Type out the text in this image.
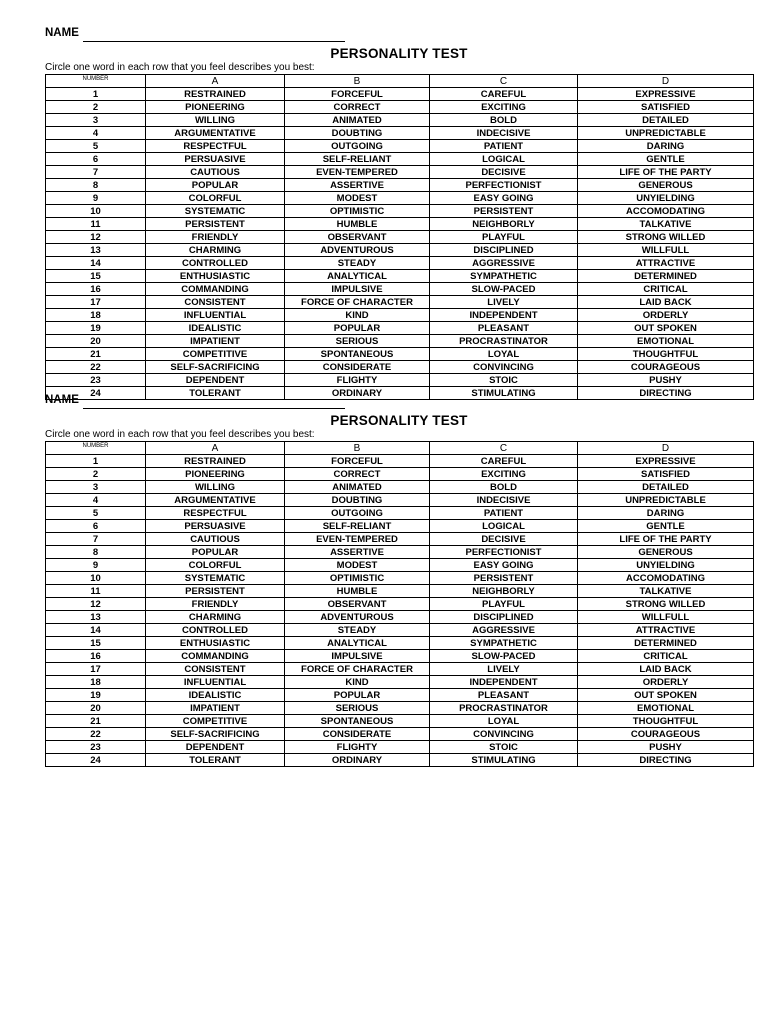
NAME
PERSONALITY TEST
Circle one word in each row that you feel describes you best:
NUMBER	A	B	C	D
1	RESTRAINED	FORCEFUL	CAREFUL	EXPRESSIVE
2	PIONEERING	CORRECT	EXCITING	SATISFIED
3	WILLING	ANIMATED	BOLD	DETAILED
4	ARGUMENTATIVE	DOUBTING	INDECISIVE	UNPREDICTABLE
5	RESPECTFUL	OUTGOING	PATIENT	DARING
6	PERSUASIVE	SELF-RELIANT	LOGICAL	GENTLE
7	CAUTIOUS	EVEN-TEMPERED	DECISIVE	LIFE OF THE PARTY
8	POPULAR	ASSERTIVE	PERFECTIONIST	GENEROUS
9	COLORFUL	MODEST	EASY GOING	UNYIELDING
10	SYSTEMATIC	OPTIMISTIC	PERSISTENT	ACCOMODATING
11	PERSISTENT	HUMBLE	NEIGHBORLY	TALKATIVE
12	FRIENDLY	OBSERVANT	PLAYFUL	STRONG WILLED
13	CHARMING	ADVENTUROUS	DISCIPLINED	WILLFULL
14	CONTROLLED	STEADY	AGGRESSIVE	ATTRACTIVE
15	ENTHUSIASTIC	ANALYTICAL	SYMPATHETIC	DETERMINED
16	COMMANDING	IMPULSIVE	SLOW-PACED	CRITICAL
17	CONSISTENT	FORCE OF CHARACTER	LIVELY	LAID BACK
18	INFLUENTIAL	KIND	INDEPENDENT	ORDERLY
19	IDEALISTIC	POPULAR	PLEASANT	OUT SPOKEN
20	IMPATIENT	SERIOUS	PROCRASTINATOR	EMOTIONAL
21	COMPETITIVE	SPONTANEOUS	LOYAL	THOUGHTFUL
22	SELF-SACRIFICING	CONSIDERATE	CONVINCING	COURAGEOUS
23	DEPENDENT	FLIGHTY	STOIC	PUSHY
24	TOLERANT	ORDINARY	STIMULATING	DIRECTING
NAME
PERSONALITY TEST
Circle one word in each row that you feel describes you best:
NUMBER	A	B	C	D
1	RESTRAINED	FORCEFUL	CAREFUL	EXPRESSIVE
2	PIONEERING	CORRECT	EXCITING	SATISFIED
3	WILLING	ANIMATED	BOLD	DETAILED
4	ARGUMENTATIVE	DOUBTING	INDECISIVE	UNPREDICTABLE
5	RESPECTFUL	OUTGOING	PATIENT	DARING
6	PERSUASIVE	SELF-RELIANT	LOGICAL	GENTLE
7	CAUTIOUS	EVEN-TEMPERED	DECISIVE	LIFE OF THE PARTY
8	POPULAR	ASSERTIVE	PERFECTIONIST	GENEROUS
9	COLORFUL	MODEST	EASY GOING	UNYIELDING
10	SYSTEMATIC	OPTIMISTIC	PERSISTENT	ACCOMODATING
11	PERSISTENT	HUMBLE	NEIGHBORLY	TALKATIVE
12	FRIENDLY	OBSERVANT	PLAYFUL	STRONG WILLED
13	CHARMING	ADVENTUROUS	DISCIPLINED	WILLFULL
14	CONTROLLED	STEADY	AGGRESSIVE	ATTRACTIVE
15	ENTHUSIASTIC	ANALYTICAL	SYMPATHETIC	DETERMINED
16	COMMANDING	IMPULSIVE	SLOW-PACED	CRITICAL
17	CONSISTENT	FORCE OF CHARACTER	LIVELY	LAID BACK
18	INFLUENTIAL	KIND	INDEPENDENT	ORDERLY
19	IDEALISTIC	POPULAR	PLEASANT	OUT SPOKEN
20	IMPATIENT	SERIOUS	PROCRASTINATOR	EMOTIONAL
21	COMPETITIVE	SPONTANEOUS	LOYAL	THOUGHTFUL
22	SELF-SACRIFICING	CONSIDERATE	CONVINCING	COURAGEOUS
23	DEPENDENT	FLIGHTY	STOIC	PUSHY
24	TOLERANT	ORDINARY	STIMULATING	DIRECTING
